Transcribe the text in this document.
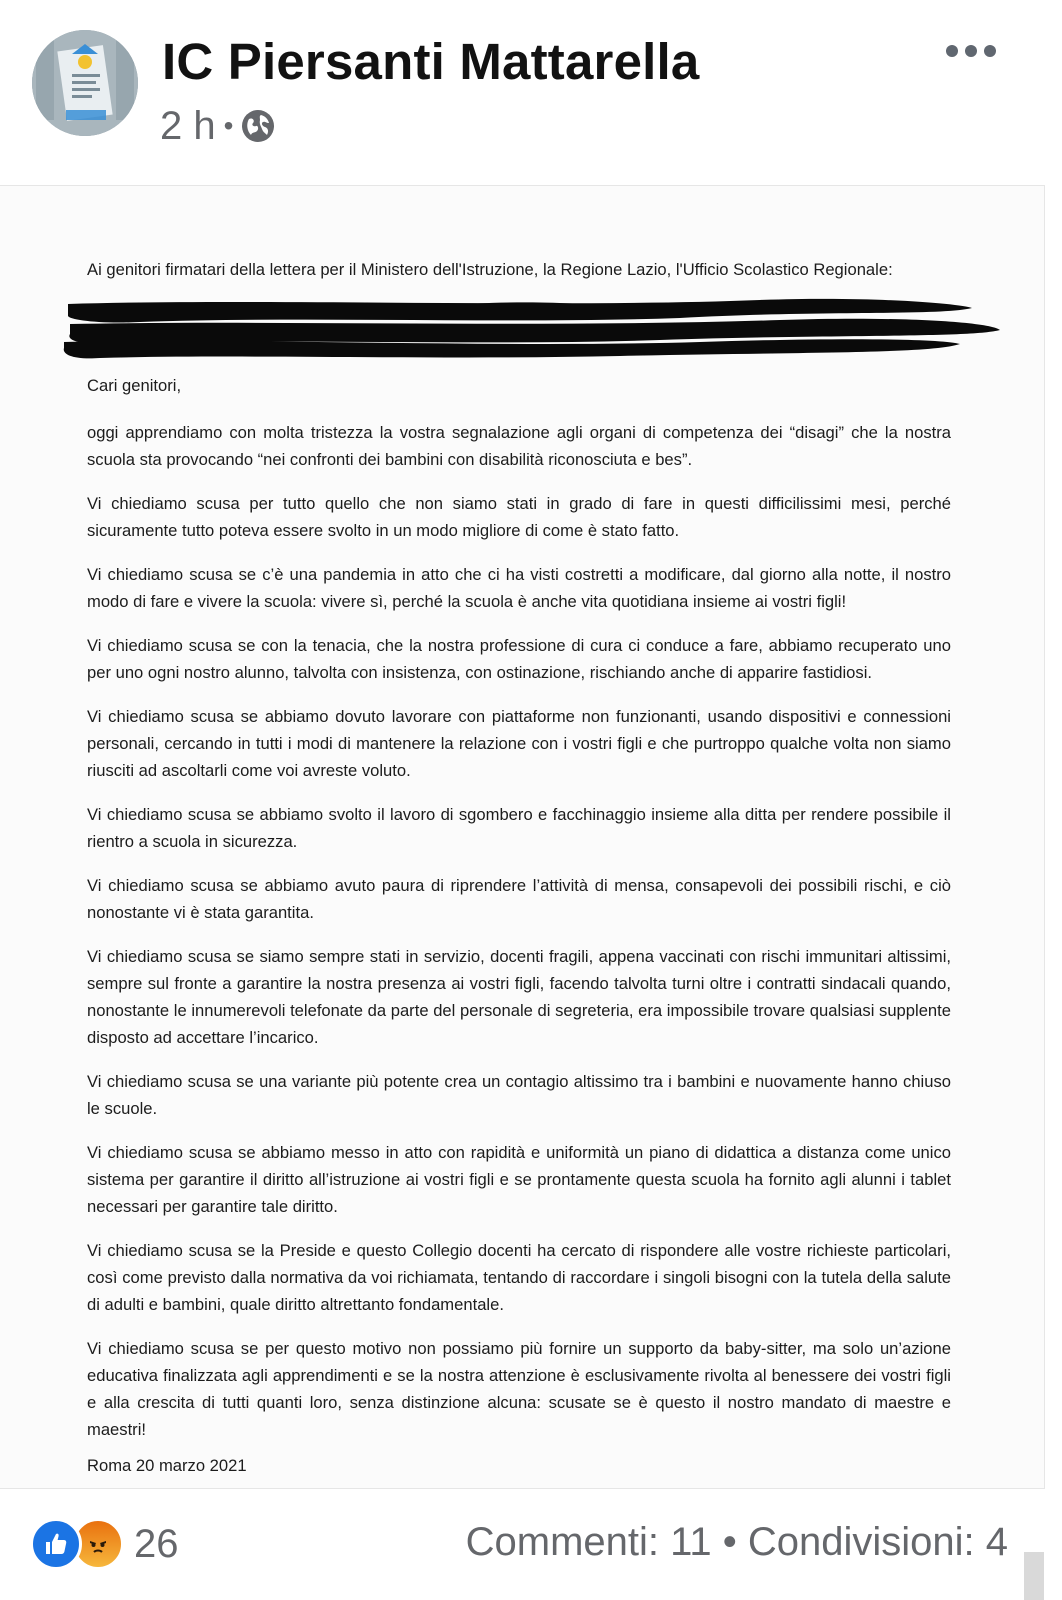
IC Piersanti Mattarella
2 h •
Ai genitori firmatari della lettera per il Ministero dell'Istruzione, la Regione Lazio, l'Ufficio Scolastico Regionale:
Cari genitori,

oggi apprendiamo con molta tristezza la vostra segnalazione agli organi di competenza dei “disagi” che la nostra scuola sta provocando “nei confronti dei bambini con disabilità riconosciuta e bes”.

Vi chiediamo scusa per tutto quello che non siamo stati in grado di fare in questi difficilissimi mesi, perché sicuramente tutto poteva essere svolto in un modo migliore di come è stato fatto.

Vi chiediamo scusa se c’è una pandemia in atto che ci ha visti costretti a modificare, dal giorno alla notte, il nostro modo di fare e vivere la scuola: vivere sì, perché la scuola è anche vita quotidiana insieme ai vostri figli!

Vi chiediamo scusa se con la tenacia, che la nostra professione di cura ci conduce a fare, abbiamo recuperato uno per uno ogni nostro alunno, talvolta con insistenza, con ostinazione, rischiando anche di apparire fastidiosi.

Vi chiediamo scusa se abbiamo dovuto lavorare con piattaforme non funzionanti, usando dispositivi e connessioni personali, cercando in tutti i modi di mantenere la relazione con i vostri figli e che purtroppo qualche volta non siamo riusciti ad ascoltarli come voi avreste voluto.

Vi chiediamo scusa se abbiamo svolto il lavoro di sgombero e facchinaggio insieme alla ditta per rendere possibile il rientro a scuola in sicurezza.

Vi chiediamo scusa se abbiamo avuto paura di riprendere l’attività di mensa, consapevoli dei possibili rischi, e ciò nonostante vi è stata garantita.

Vi chiediamo scusa se siamo sempre stati in servizio, docenti fragili, appena vaccinati con rischi immunitari altissimi, sempre sul fronte a garantire la nostra presenza ai vostri figli, facendo talvolta turni oltre i contratti sindacali quando, nonostante le innumerevoli telefonate da parte del personale di segreteria, era impossibile trovare qualsiasi supplente disposto ad accettare l’incarico.

Vi chiediamo scusa se una variante più potente crea un contagio altissimo tra i bambini e nuovamente hanno chiuso le scuole.

Vi chiediamo scusa se abbiamo messo in atto con rapidità e uniformità un piano di didattica a distanza come unico sistema per garantire il diritto all’istruzione ai vostri figli e se prontamente questa scuola ha fornito agli alunni i tablet necessari per garantire tale diritto.

Vi chiediamo scusa se la Preside e questo Collegio docenti ha cercato di rispondere alle vostre richieste particolari, così come previsto dalla normativa da voi richiamata, tentando di raccordare i singoli bisogni con la tutela della salute di adulti e bambini, quale diritto altrettanto fondamentale.

Vi chiediamo scusa se per questo motivo non possiamo più fornire un supporto da baby-sitter, ma solo un’azione educativa finalizzata agli apprendimenti e se la nostra attenzione è esclusivamente rivolta al benessere dei vostri figli e alla crescita di tutti quanti loro, senza distinzione alcuna: scusate se è questo il nostro mandato di maestre e maestri!

Roma 20 marzo 2021
26	Commenti: 11 • Condivisioni: 4
